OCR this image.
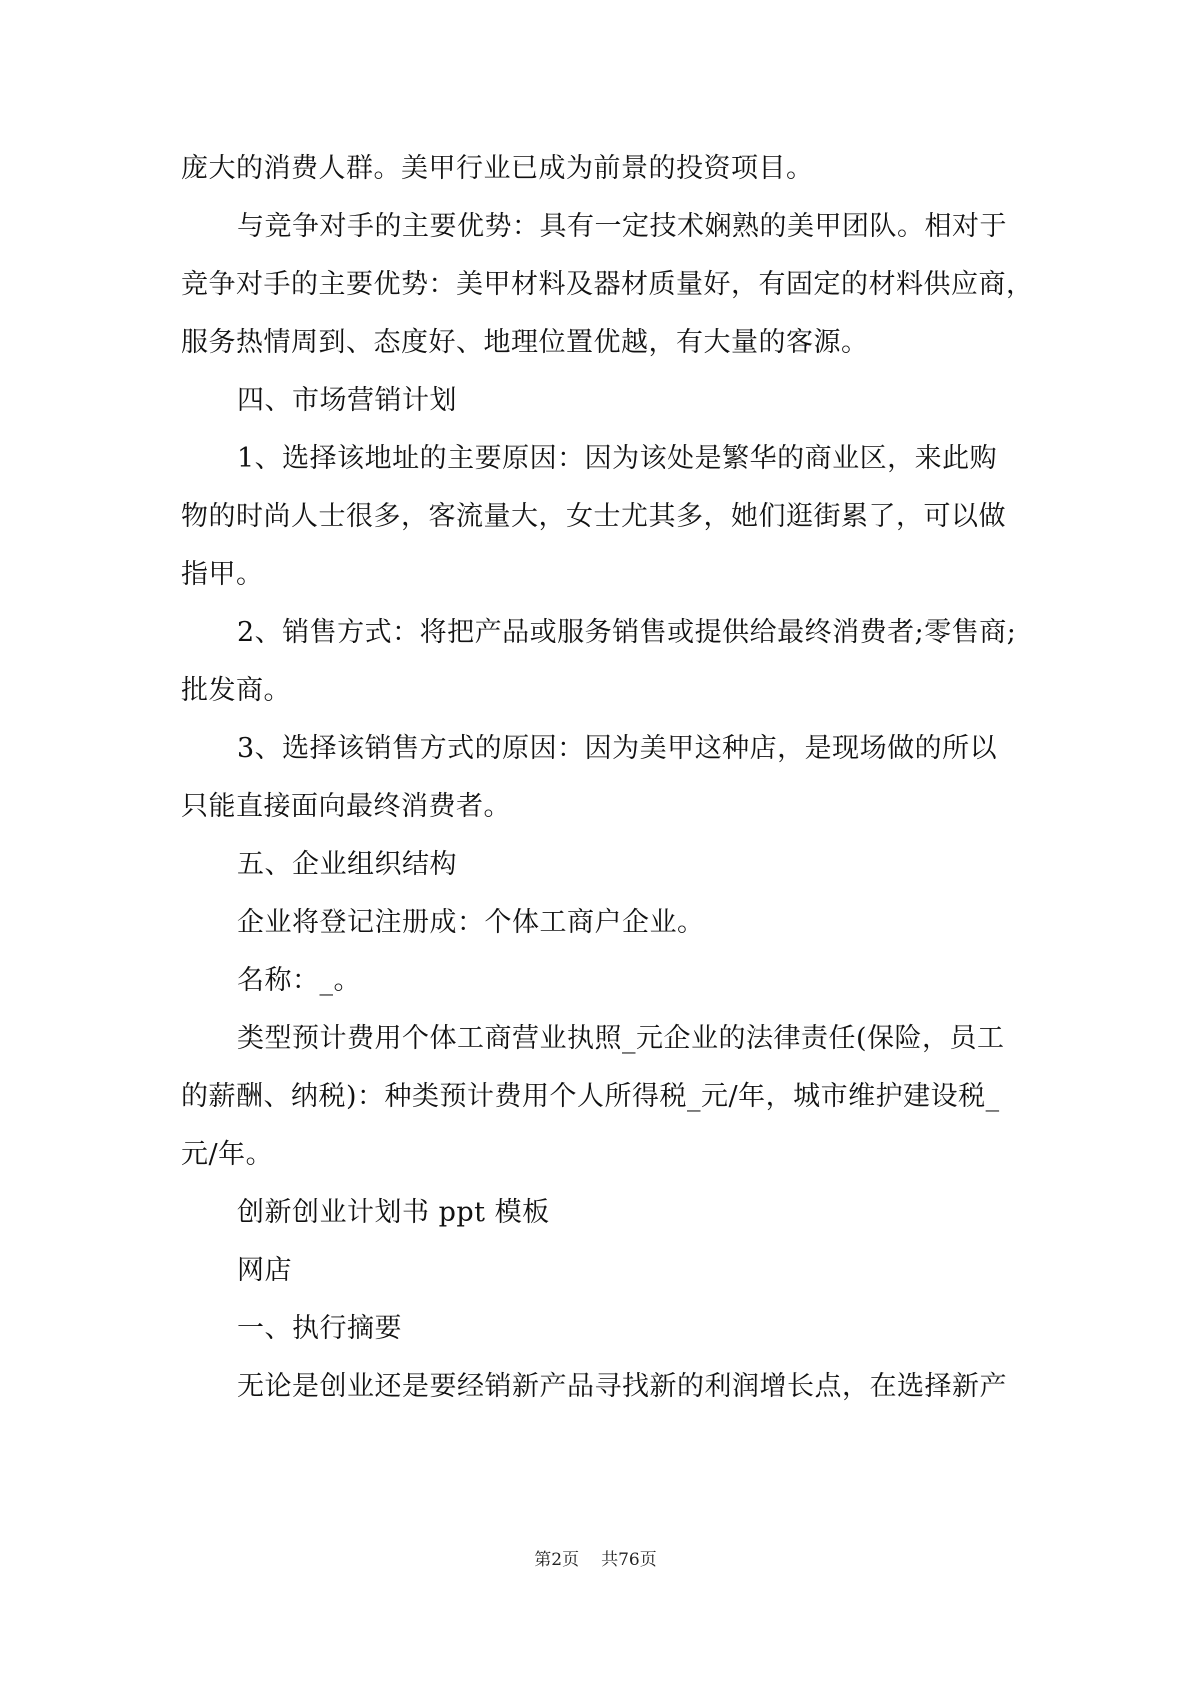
庞大的消费人群。美甲行业已成为前景的投资项目。

与竞争对手的主要优势：具有一定技术娴熟的美甲团队。相对于

竞争对手的主要优势：美甲材料及器材质量好，有固定的材料供应商，

服务热情周到、态度好、地理位置优越，有大量的客源。

四、市场营销计划

1、选择该地址的主要原因：因为该处是繁华的商业区，来此购

物的时尚人士很多，客流量大，女士尤其多，她们逛街累了，可以做

指甲。

2、销售方式：将把产品或服务销售或提供给最终消费者;零售商;

批发商。

3、选择该销售方式的原因：因为美甲这种店，是现场做的所以

只能直接面向最终消费者。

五、企业组织结构

企业将登记注册成：个体工商户企业。

名称：_。

类型预计费用个体工商营业执照_元企业的法律责任(保险，员工

的薪酬、纳税)：种类预计费用个人所得税_元/年，城市维护建设税_

元/年。

创新创业计划书 ppt 模板

网店

一、执行摘要

无论是创业还是要经销新产品寻找新的利润增长点，在选择新产

第2页 共76页
